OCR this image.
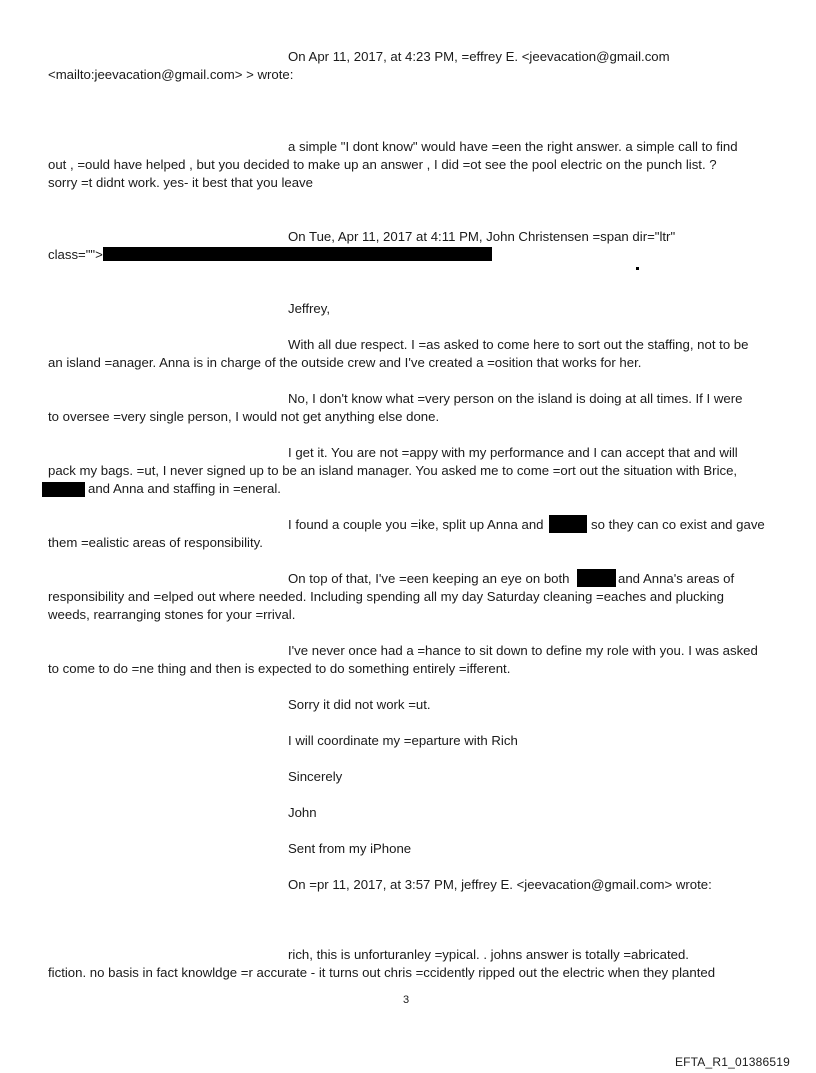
On Apr 11, 2017, at 4:23 PM, =effrey E. <jeevacation@gmail.com
<mailto:jeevacation@gmail.com> > wrote:
a simple "I dont know" would have =een the right answer. a simple call to find
out , =ould have helped , but you decided to make up an answer , I did =ot see the pool electric on the punch list. ?
sorry =t didnt work. yes- it best that you leave
On Tue, Apr 11, 2017 at 4:11 PM, John Christensen =span dir="ltr"
class="">
Jeffrey,
With all due respect. I =as asked to come here to sort out the staffing, not to be
an island =anager. Anna is in charge of the outside crew and I've created a =osition that works for her.
No, I don't know what =very person on the island is doing at all times. If I were
to oversee =very single person, I would not get anything else done.
I get it. You are not =appy with my performance and I can accept that and will
pack my bags. =ut, I never signed up to be an island manager. You asked me to come =ort out the situation with Brice,
and Anna and staffing in =eneral.
I found a couple you =ike, split up Anna and	so they can co exist and gave
them =ealistic areas of responsibility.
On top of that, I've =een keeping an eye on both	and Anna's areas of
responsibility and =elped out where needed. Including spending all my day Saturday cleaning =eaches and plucking
weeds, rearranging stones for your =rrival.
I've never once had a =hance to sit down to define my role with you. I was asked
to come to do =ne thing and then is expected to do something entirely =ifferent.
Sorry it did not work =ut.
I will coordinate my =eparture with Rich
Sincerely
John
Sent from my iPhone
On =pr 11, 2017, at 3:57 PM, jeffrey E. <jeevacation@gmail.com> wrote:
rich, this is unforturanley =ypical. . johns answer is totally =abricated.
fiction. no basis in fact knowldge =r accurate - it turns out chris =ccidently ripped out the electric when they planted
3
EFTA_R1_01386519
